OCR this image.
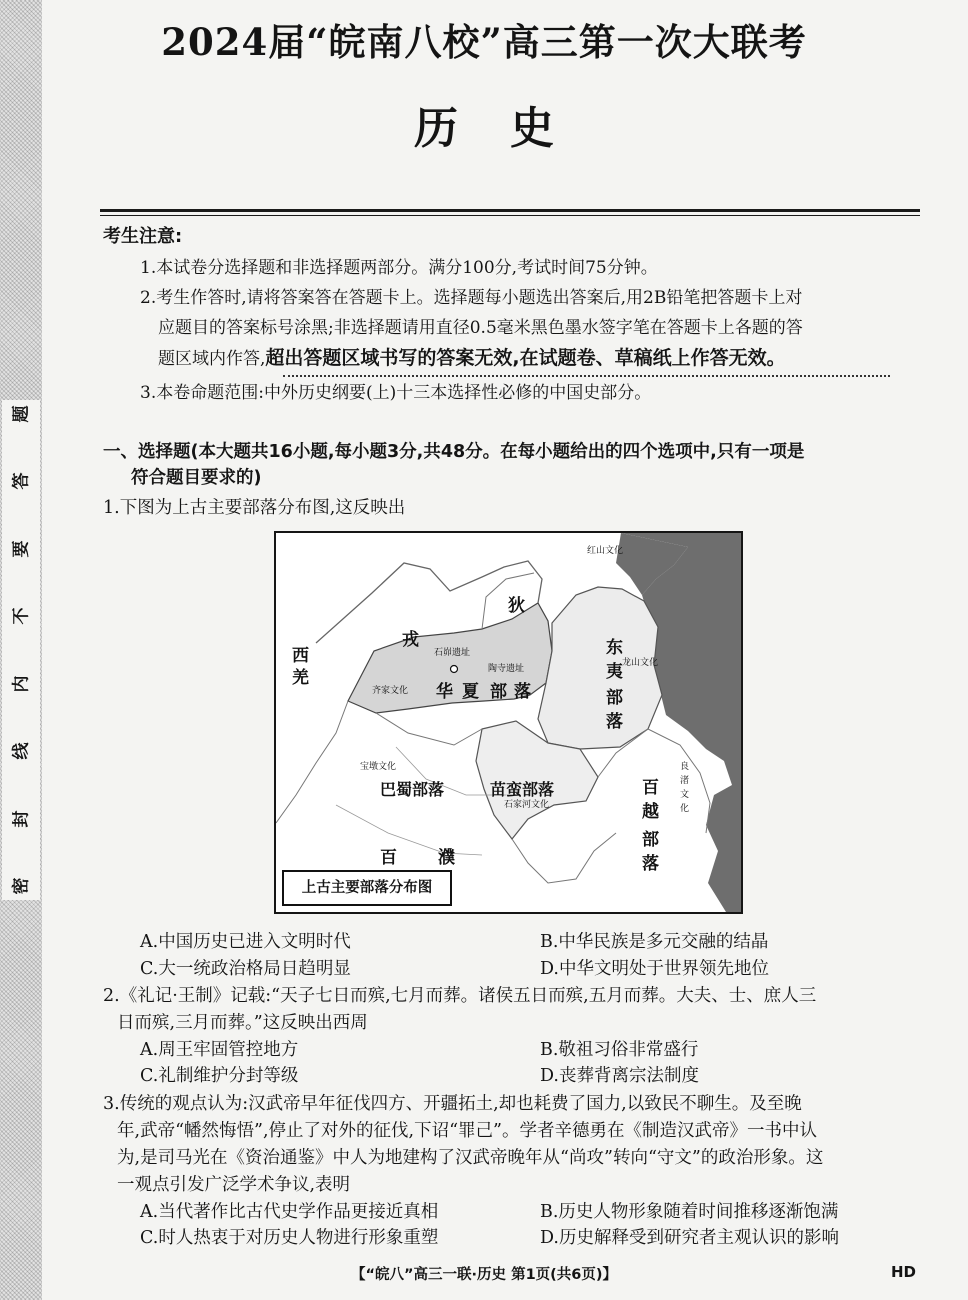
题
答
要
不
内
线
封
密
2024届“皖南八校”高三第一次大联考
历史
考生注意:
1.本试卷分选择题和非选择题两部分。满分100分,考试时间75分钟。
2.考生作答时,请将答案答在答题卡上。选择题每小题选出答案后,用2B铅笔把答题卡上对
应题目的答案标号涂黑;非选择题请用直径0.5毫米黑色墨水签字笔在答题卡上各题的答
题区域内作答,超出答题区域书写的答案无效,在试题卷、草稿纸上作答无效。
3.本卷命题范围:中外历史纲要(上)十三本选择性必修的中国史部分。
一、选择题(本大题共16小题,每小题3分,共48分。在每小题给出的四个选项中,只有一项是
符合题目要求的)
1.下图为上古主要部落分布图,这反映出
红山文化
狄
戎
西
羌
石峁遗址
陶寺遗址
齐家文化 华 夏 部 落
东
夷 龙山文化
部
落
宝墩文化
巴蜀部落	苗蛮部落
石家河文化
良
渚
文
化
百
越
部
落
百 濮
上古主要部落分布图
A.中国历史已进入文明时代	B.中华民族是多元交融的结晶
C.大一统政治格局日趋明显	D.中华文明处于世界领先地位
2.《礼记·王制》记载:“天子七日而殡,七月而葬。诸侯五日而殡,五月而葬。大夫、士、庶人三
日而殡,三月而葬。”这反映出西周
A.周王牢固管控地方	B.敬祖习俗非常盛行
C.礼制维护分封等级	D.丧葬背离宗法制度
3.传统的观点认为:汉武帝早年征伐四方、开疆拓土,却也耗费了国力,以致民不聊生。及至晚
年,武帝“幡然悔悟”,停止了对外的征伐,下诏“罪己”。学者辛德勇在《制造汉武帝》一书中认
为,是司马光在《资治通鉴》中人为地建构了汉武帝晚年从“尚攻”转向“守文”的政治形象。这
一观点引发广泛学术争议,表明
A.当代著作比古代史学作品更接近真相	B.历史人物形象随着时间推移逐渐饱满
C.时人热衷于对历史人物进行形象重塑	D.历史解释受到研究者主观认识的影响
【“皖八”高三一联·历史 第1页(共6页)】	HD
